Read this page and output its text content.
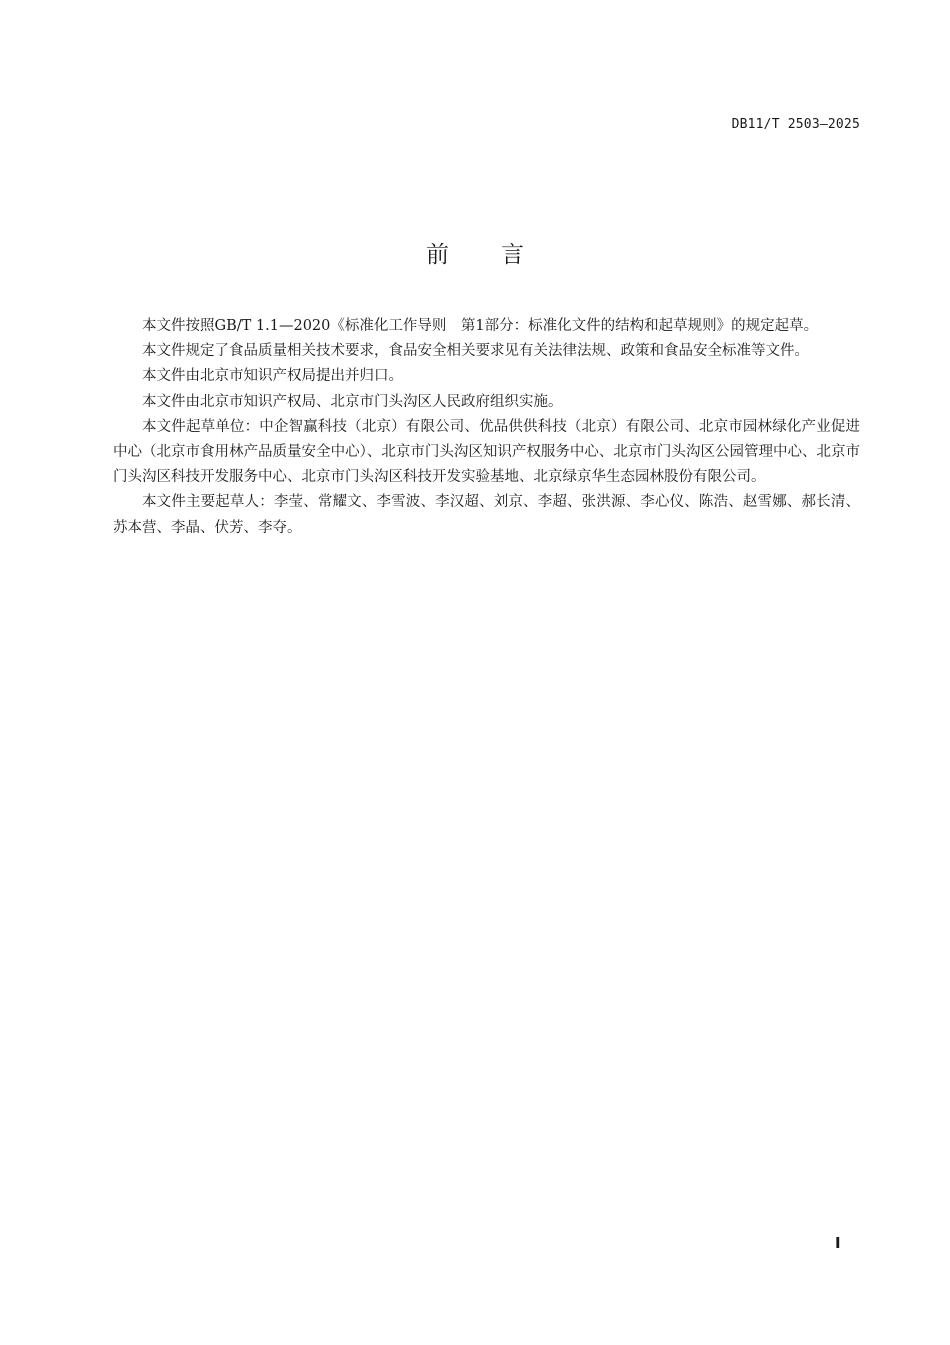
DB11/T 2503—2025
前言

本文件按照GB/T 1.1—2020《标准化工作导则　第1部分：标准化文件的结构和起草规则》的规定起草。

本文件规定了食品质量相关技术要求，食品安全相关要求见有关法律法规、政策和食品安全标准等文件。

本文件由北京市知识产权局提出并归口。

本文件由北京市知识产权局、北京市门头沟区人民政府组织实施。

本文件起草单位：中企智赢科技（北京）有限公司、优品供供科技（北京）有限公司、北京市园林绿化产业促进中心（北京市食用林产品质量安全中心）、北京市门头沟区知识产权服务中心、北京市门头沟区公园管理中心、北京市门头沟区科技开发服务中心、北京市门头沟区科技开发实验基地、北京绿京华生态园林股份有限公司。

本文件主要起草人：李莹、常耀文、李雪波、李汉超、刘京、李超、张洪源、李心仪、陈浩、赵雪娜、郝长清、苏本营、李晶、伏芳、李夺。

I
